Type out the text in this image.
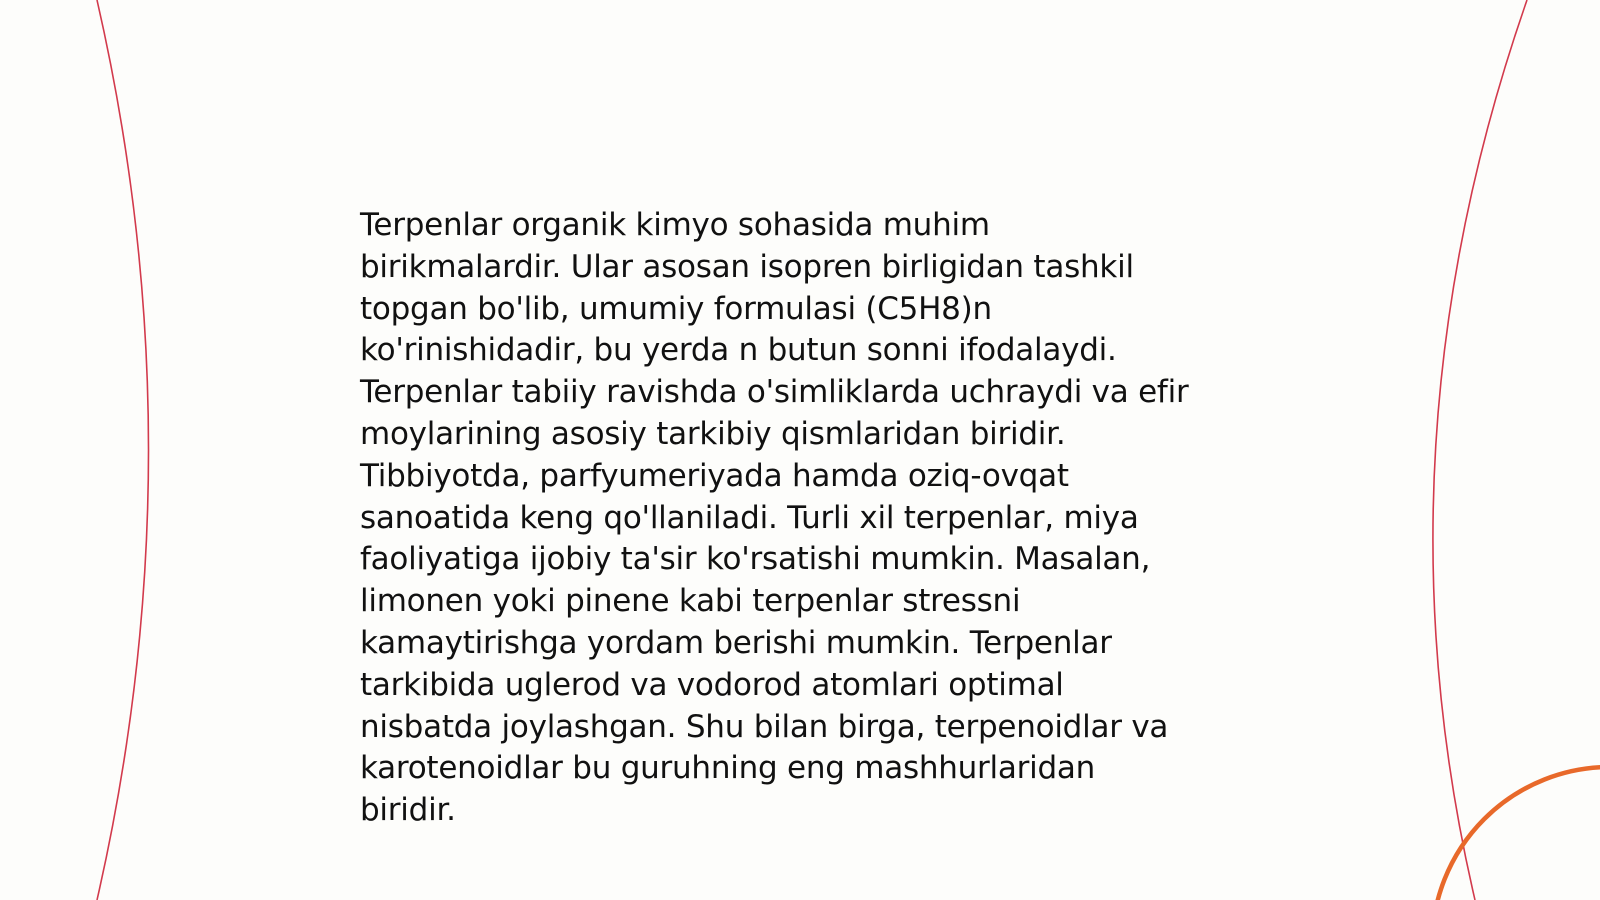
Terpenlar organik kimyo sohasida muhim
birikmalardir. Ular asosan isopren birligidan tashkil
topgan bo'lib, umumiy formulasi (C5H8)n
ko'rinishidadir, bu yerda n butun sonni ifodalaydi.
Terpenlar tabiiy ravishda o'simliklarda uchraydi va efir
moylarining asosiy tarkibiy qismlaridan biridir.
Tibbiyotda, parfyumeriyada hamda oziq-ovqat
sanoatida keng qo'llaniladi. Turli xil terpenlar, miya
faoliyatiga ijobiy ta'sir ko'rsatishi mumkin. Masalan,
limonen yoki pinene kabi terpenlar stressni
kamaytirishga yordam berishi mumkin. Terpenlar
tarkibida uglerod va vodorod atomlari optimal
nisbatda joylashgan. Shu bilan birga, terpenoidlar va
karotenoidlar bu guruhning eng mashhurlaridan
biridir.
